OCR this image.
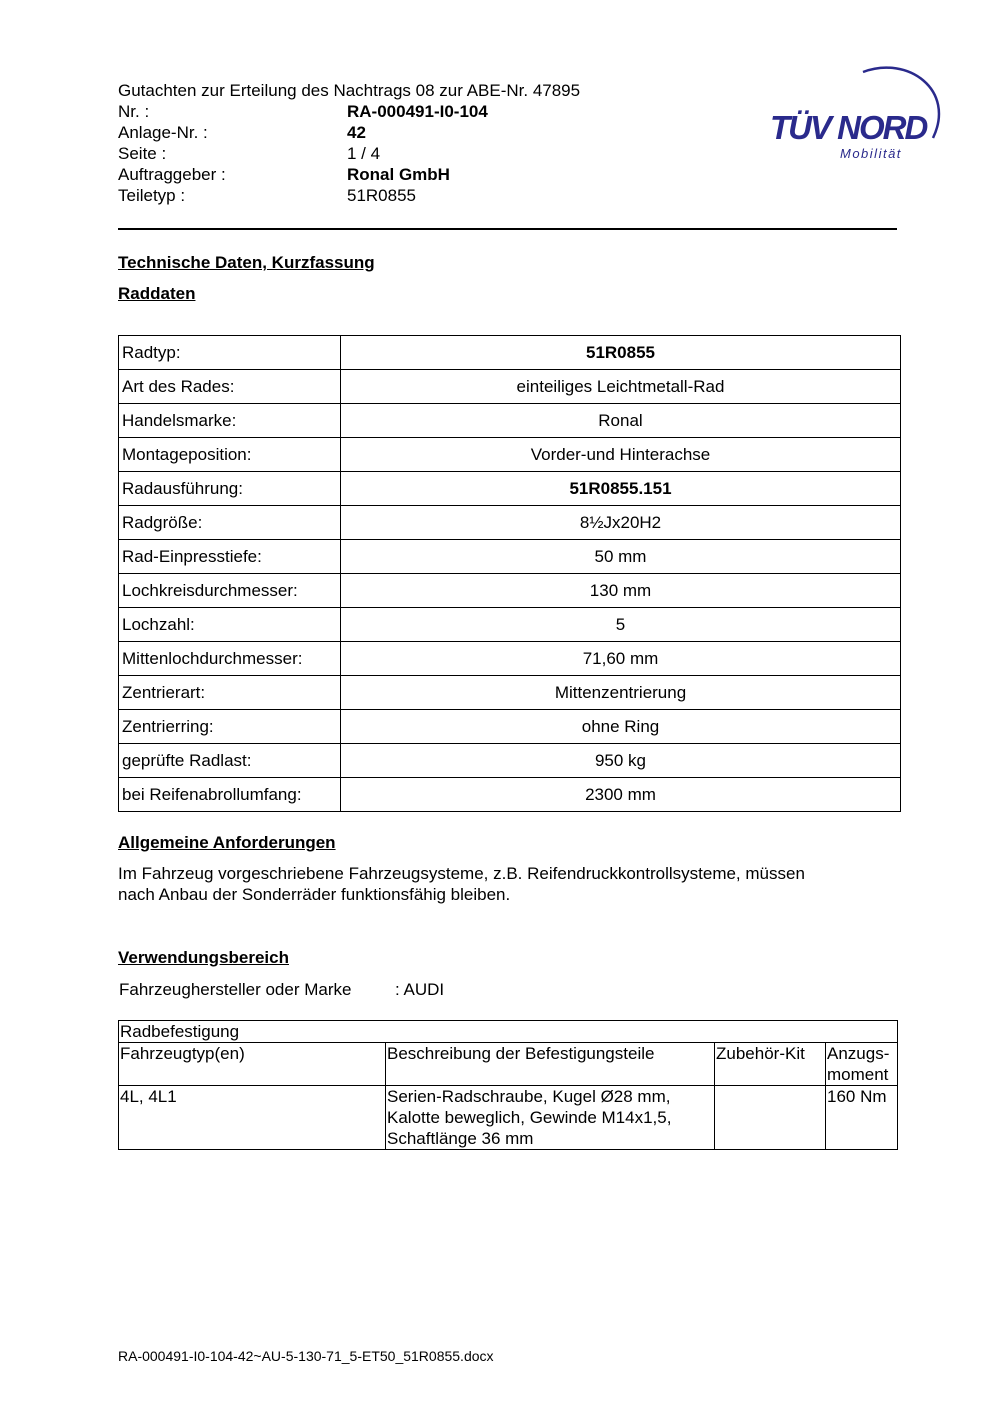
Gutachten zur Erteilung des Nachtrags 08 zur ABE-Nr. 47895
Nr. :	RA-000491-I0-104
Anlage-Nr. :	42
Seite :	1 / 4
Auftraggeber :	Ronal GmbH
Teiletyp :	51R0855
TÜV NORD
Mobilität
Technische Daten, Kurzfassung
Raddaten
Radtyp:	51R0855
Art des Rades:	einteiliges Leichtmetall-Rad
Handelsmarke:	Ronal
Montageposition:	Vorder-und Hinterachse
Radausführung:	51R0855.151
Radgröße:	8½Jx20H2
Rad-Einpresstiefe:	50 mm
Lochkreisdurchmesser:	130 mm
Lochzahl:	5
Mittenlochdurchmesser:	71,60 mm
Zentrierart:	Mittenzentrierung
Zentrierring:	ohne Ring
geprüfte Radlast:	950 kg
bei Reifenabrollumfang:	2300 mm
Allgemeine Anforderungen
Im Fahrzeug vorgeschriebene Fahrzeugsysteme, z.B. Reifendruckkontrollsysteme, müssen
nach Anbau der Sonderräder funktionsfähig bleiben.
Verwendungsbereich
Fahrzeughersteller oder Marke	: AUDI
Radbefestigung			
Fahrzeugtyp(en)	Beschreibung der Befestigungsteile	Zubehör-Kit	Anzugs-
moment

4L, 4L1	Serien-Radschraube, Kugel Ø28 mm,
Kalotte beweglich, Gewinde M14x1,5,
Schaftlänge 36 mm		160 Nm
RA-000491-I0-104-42~AU-5-130-71_5-ET50_51R0855.docx
